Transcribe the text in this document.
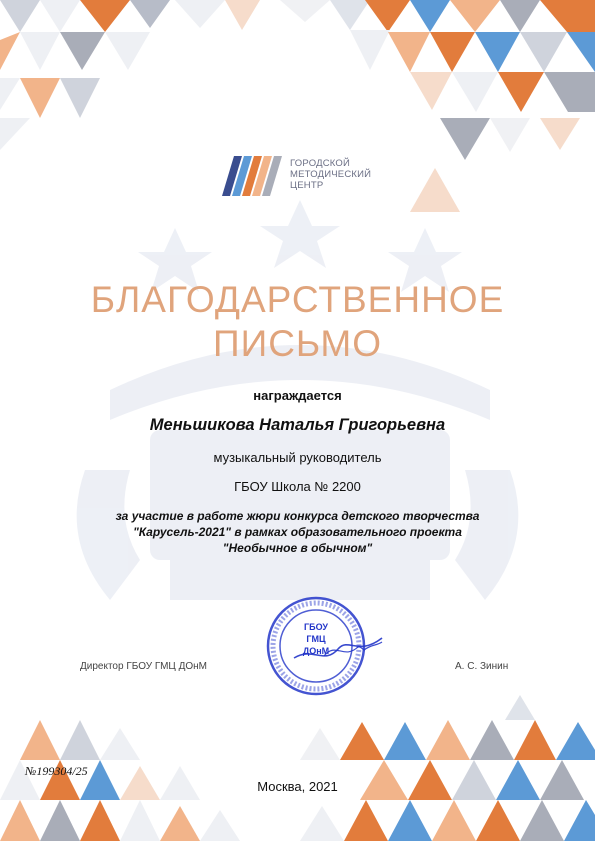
ГОРОДСКОЙ
МЕТОДИЧЕСКИЙ
ЦЕНТР
БЛАГОДАРСТВЕННОЕ
ПИСЬМО
награждается
Меньшикова Наталья Григорьевна
музыкальный руководитель
ГБОУ Школа № 2200
за участие в работе жюри конкурса детского творчества "Карусель-2021" в рамках образовательного проекта "Необычное в обычном"
ГБОУ
ГМЦ
ДОнМ
Директор ГБОУ ГМЦ ДОнМ	А. С. Зинин
№199304/25
Москва, 2021
